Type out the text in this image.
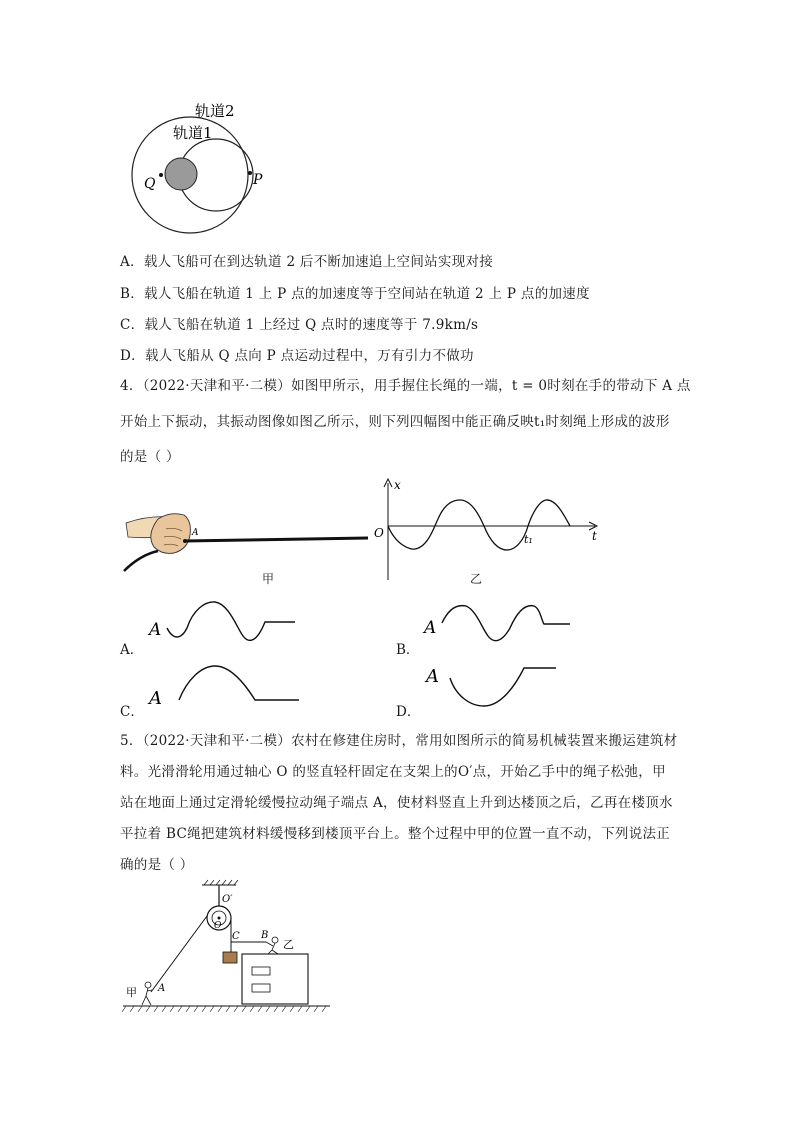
轨道2
轨道1
Q	P
A．载人飞船可在到达轨道 2 后不断加速追上空间站实现对接
B．载人飞船在轨道 1 上 P 点的加速度等于空间站在轨道 2 上 P 点的加速度
C．载人飞船在轨道 1 上经过 Q 点时的速度等于 7.9km/s
D．载人飞船从 Q 点向 P 点运动过程中，万有引力不做功
4．（2022·天津和平·二模）如图甲所示，用手握住长绳的一端，t = 0时刻在手的带动下 A 点
开始上下振动，其振动图像如图乙所示，则下列四幅图中能正确反映t₁时刻绳上形成的波形
的是（ ）
A
甲
x
O	t
t₁
乙
A．
A
B．
A
C．
A
D．
A
5．（2022·天津和平·二模）农村在修建住房时，常用如图所示的简易机械装置来搬运建筑材
料。光滑滑轮用通过轴心 O 的竖直轻杆固定在支架上的O′点，开始乙手中的绳子松弛，甲
站在地面上通过定滑轮缓慢拉动绳子端点 A，使材料竖直上升到达楼顶之后，乙再在楼顶水
平拉着 BC绳把建筑材料缓慢移到楼顶平台上。整个过程中甲的位置一直不动，下列说法正
确的是（ ）
O′
O
C B
乙
甲 A
